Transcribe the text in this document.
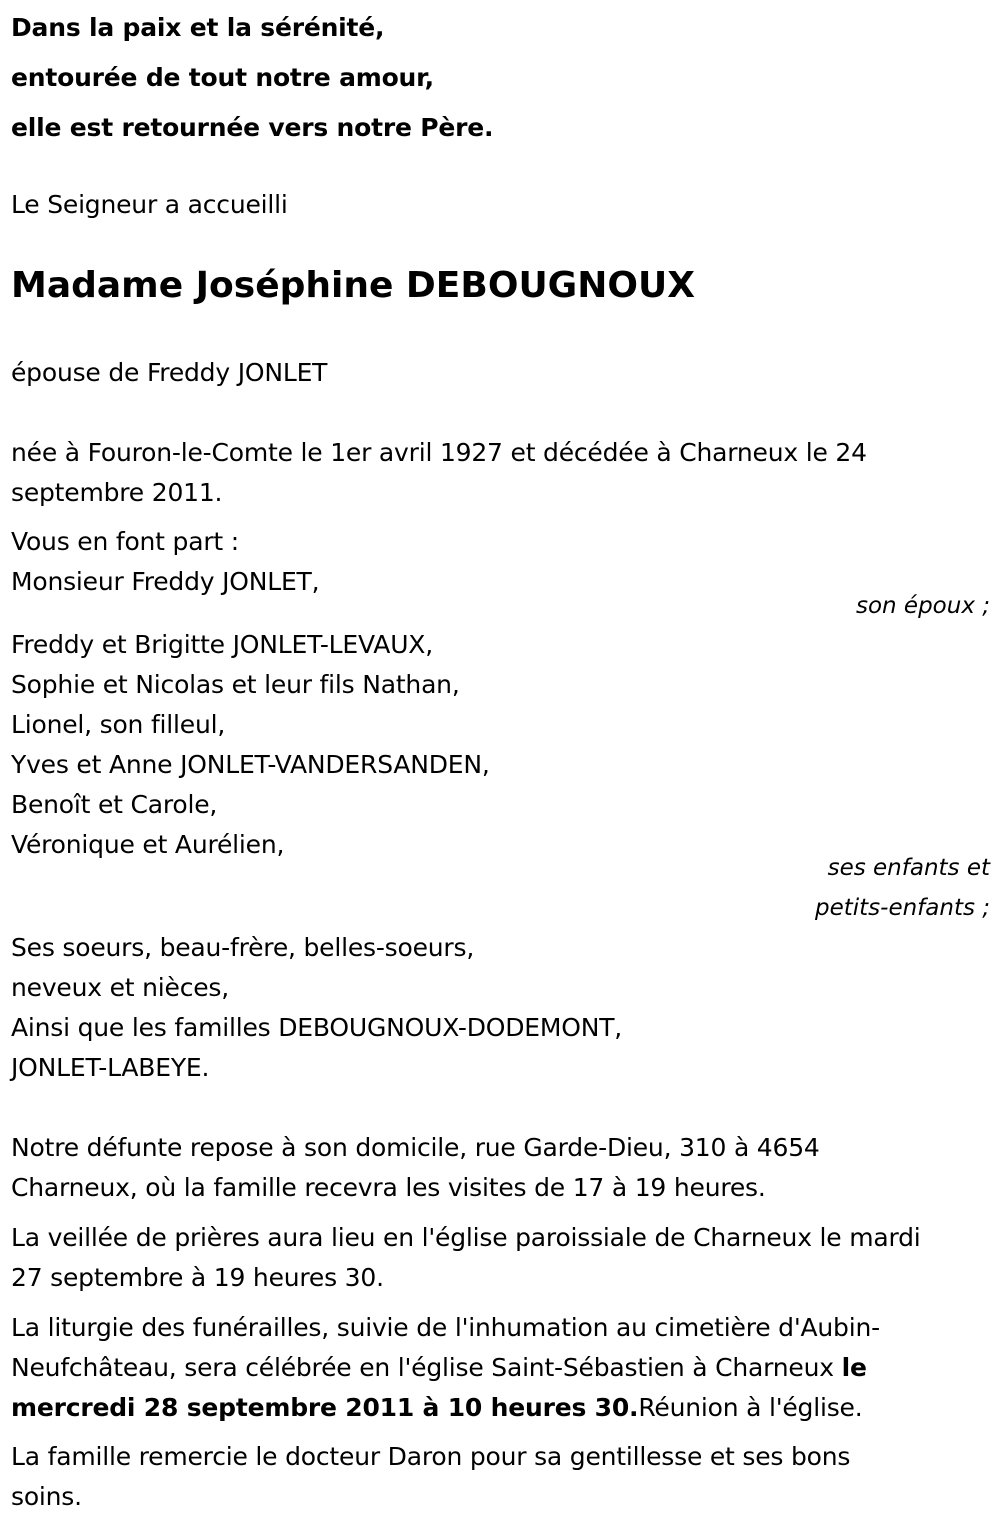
Dans la paix et la sérénité,
entourée de tout notre amour,
elle est retournée vers notre Père.
Le Seigneur a accueilli
Madame Joséphine DEBOUGNOUX
épouse de Freddy JONLET
née à Fouron-le-Comte le 1er avril 1927 et décédée à Charneux le 24
septembre 2011.
Vous en font part :
Monsieur Freddy JONLET,
son époux ;
Freddy et Brigitte JONLET-LEVAUX,
Sophie et Nicolas et leur fils Nathan,
Lionel, son filleul,
Yves et Anne JONLET-VANDERSANDEN,
Benoît et Carole,
Véronique et Aurélien,
ses enfants et
petits-enfants ;
Ses soeurs, beau-frère, belles-soeurs,
neveux et nièces,
Ainsi que les familles DEBOUGNOUX-DODEMONT,
JONLET-LABEYE.
Notre défunte repose à son domicile, rue Garde-Dieu, 310 à 4654
Charneux, où la famille recevra les visites de 17 à 19 heures.
La veillée de prières aura lieu en l'église paroissiale de Charneux le mardi
27 septembre à 19 heures 30.
La liturgie des funérailles, suivie de l'inhumation au cimetière d'Aubin-
Neufchâteau, sera célébrée en l'église Saint-Sébastien à Charneux le
mercredi 28 septembre 2011 à 10 heures 30.Réunion à l'église.
La famille remercie le docteur Daron pour sa gentillesse et ses bons
soins.
